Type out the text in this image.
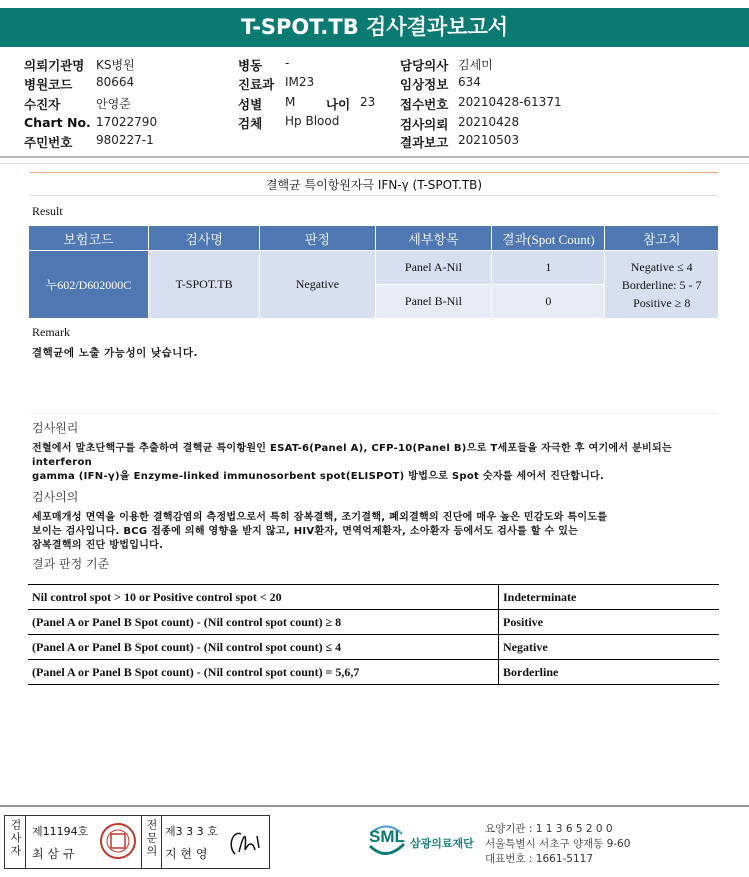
T-SPOT.TB 검사결과보고서
의뢰기관명 KS병원
병원코드 80664
수진자	안영준
Chart No. 17022790
주민번호 980227-1
병동 -
진료과 IM23
성별 M 나이 23
검체 Hp Blood
담당의사 김세미
임상정보 634
접수번호 20210428-61371
검사의뢰 20210428
결과보고 20210503
결핵균 특이항원자극 IFN-γ (T-SPOT.TB)
Result
보험코드	검사명	판정	세부항목	결과(Spot Count)	참고치
누602/D602000C	T-SPOT.TB	Negative	Panel A-Nil	1	Negative ≤ 4
Borderline: 5 - 7
Positive ≥ 8

			Panel B-Nil	0	
Remark
결핵균에 노출 가능성이 낮습니다.
검사원리
전혈에서 말초단핵구를 추출하여 결핵균 특이항원인 ESAT-6(Panel A), CFP-10(Panel B)으로 T세포들을 자극한 후 여기에서 분비되는
interferon
gamma (IFN-γ)을 Enzyme-linked immunosorbent spot(ELISPOT) 방법으로 Spot 숫자를 세어서 진단합니다.
검사의의
세포매개성 면역을 이용한 결핵감염의 측정법으로서 특히 잠복결핵, 조기결핵, 폐외결핵의 진단에 매우 높은 민감도와 특이도를
보이는 검사입니다. BCG 접종에 의해 영향을 받지 않고, HIV환자, 면역억제환자, 소아환자 등에서도 검사를 할 수 있는
잠복결핵의 진단 방법입니다.
결과 판정 기준
Nil control spot > 10 or Positive control spot < 20	Indeterminate
(Panel A or Panel B Spot count) - (Nil control spot count) ≥ 8	Positive
(Panel A or Panel B Spot count) - (Nil control spot count) ≤ 4	Negative
(Panel A or Panel B Spot count) - (Nil control spot count) = 5,6,7	Borderline
검사자 제11194호
최 삼 규	전문의 제3 3 3 호
지 현 영
SML 삼광의료재단
요양기관 : 1 1 3 6 5 2 0 0
서울특별시 서초구 양재동 9-60
대표번호 : 1661-5117
